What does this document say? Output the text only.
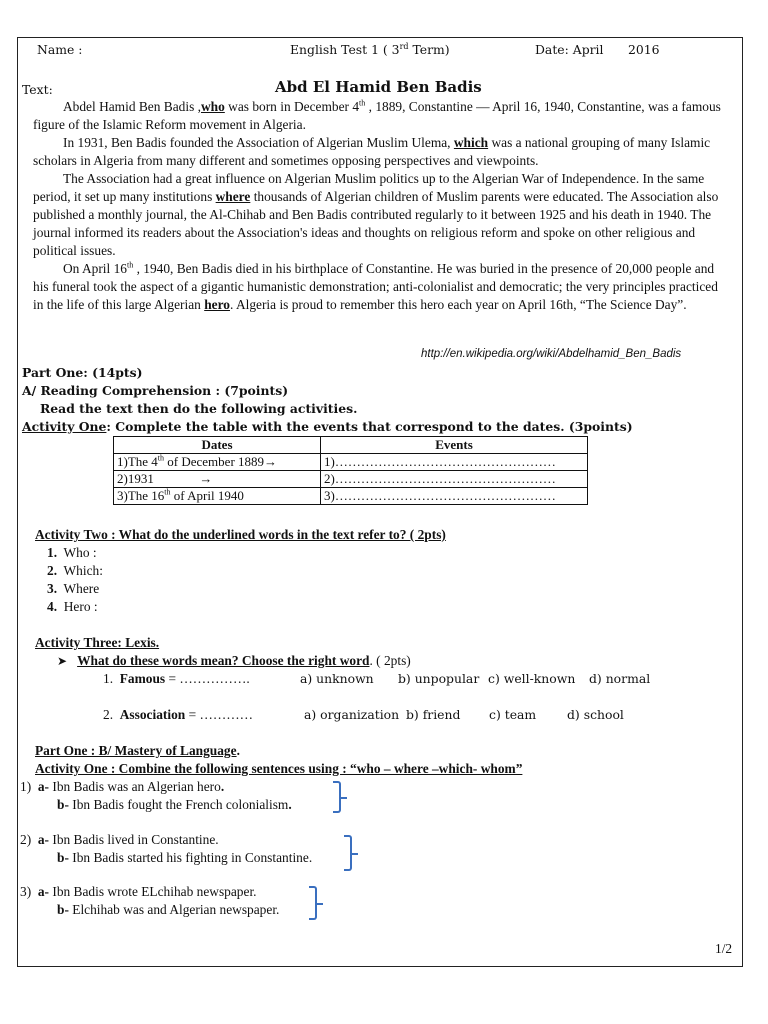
Name :	English Test 1 ( 3rd Term)	Date: April 2016
Text:	Abd El Hamid Ben Badis

Abdel Hamid Ben Badis ,who was born in December 4th , 1889, Constantine — April 16, 1940, Constantine, was a famous figure of the Islamic Reform movement in Algeria.

In 1931, Ben Badis founded the Association of Algerian Muslim Ulema, which was a national grouping of many Islamic scholars in Algeria from many different and sometimes opposing perspectives and viewpoints.

The Association had a great influence on Algerian Muslim politics up to the Algerian War of Independence. In the same period, it set up many institutions where thousands of Algerian children of Muslim parents were educated. The Association also published a monthly journal, the Al-Chihab and Ben Badis contributed regularly to it between 1925 and his death in 1940. The journal informed its readers about the Association's ideas and thoughts on religious reform and spoke on other religious and political issues.

On April 16th , 1940, Ben Badis died in his birthplace of Constantine. He was buried in the presence of 20,000 people and his funeral took the aspect of a gigantic humanistic demonstration; anti-colonialist and democratic; the very principles practiced in the life of this large Algerian hero. Algeria is proud to remember this hero each year on April 16th, “The Science Day”.

http://en.wikipedia.org/wiki/Abdelhamid_Ben_Badis
Part One: (14pts)
A/ Reading Comprehension : (7points)
Read the text then do the following activities.
Activity One: Complete the table with the events that correspond to the dates. (3points)
Dates	Events
1)The 4th of December 1889→	1)……………………………………………
2)1931              →	2)……………………………………………
3)The 16th of April 1940	3)……………………………………………
Activity Two : What do the underlined words in the text refer to? ( 2pts)
1. Who :
2. Which:
3. Where
4. Hero :
Activity Three: Lexis.
➤ What do these words mean? Choose the right word. ( 2pts)
1. Famous = …………….	a) unknown b) unpopular c) well-known d) normal
2. Association = …………	a) organization b) friend c) team d) school
Part One : B/ Mastery of Language.
Activity One : Combine the following sentences using : “who – where –which- whom”
1) a- Ibn Badis was an Algerian hero.
b- Ibn Badis fought the French colonialism.
2) a- Ibn Badis lived in Constantine.
b- Ibn Badis started his fighting in Constantine.
3) a- Ibn Badis wrote ELchihab newspaper.
b- Elchihab was and Algerian newspaper.
1/2
